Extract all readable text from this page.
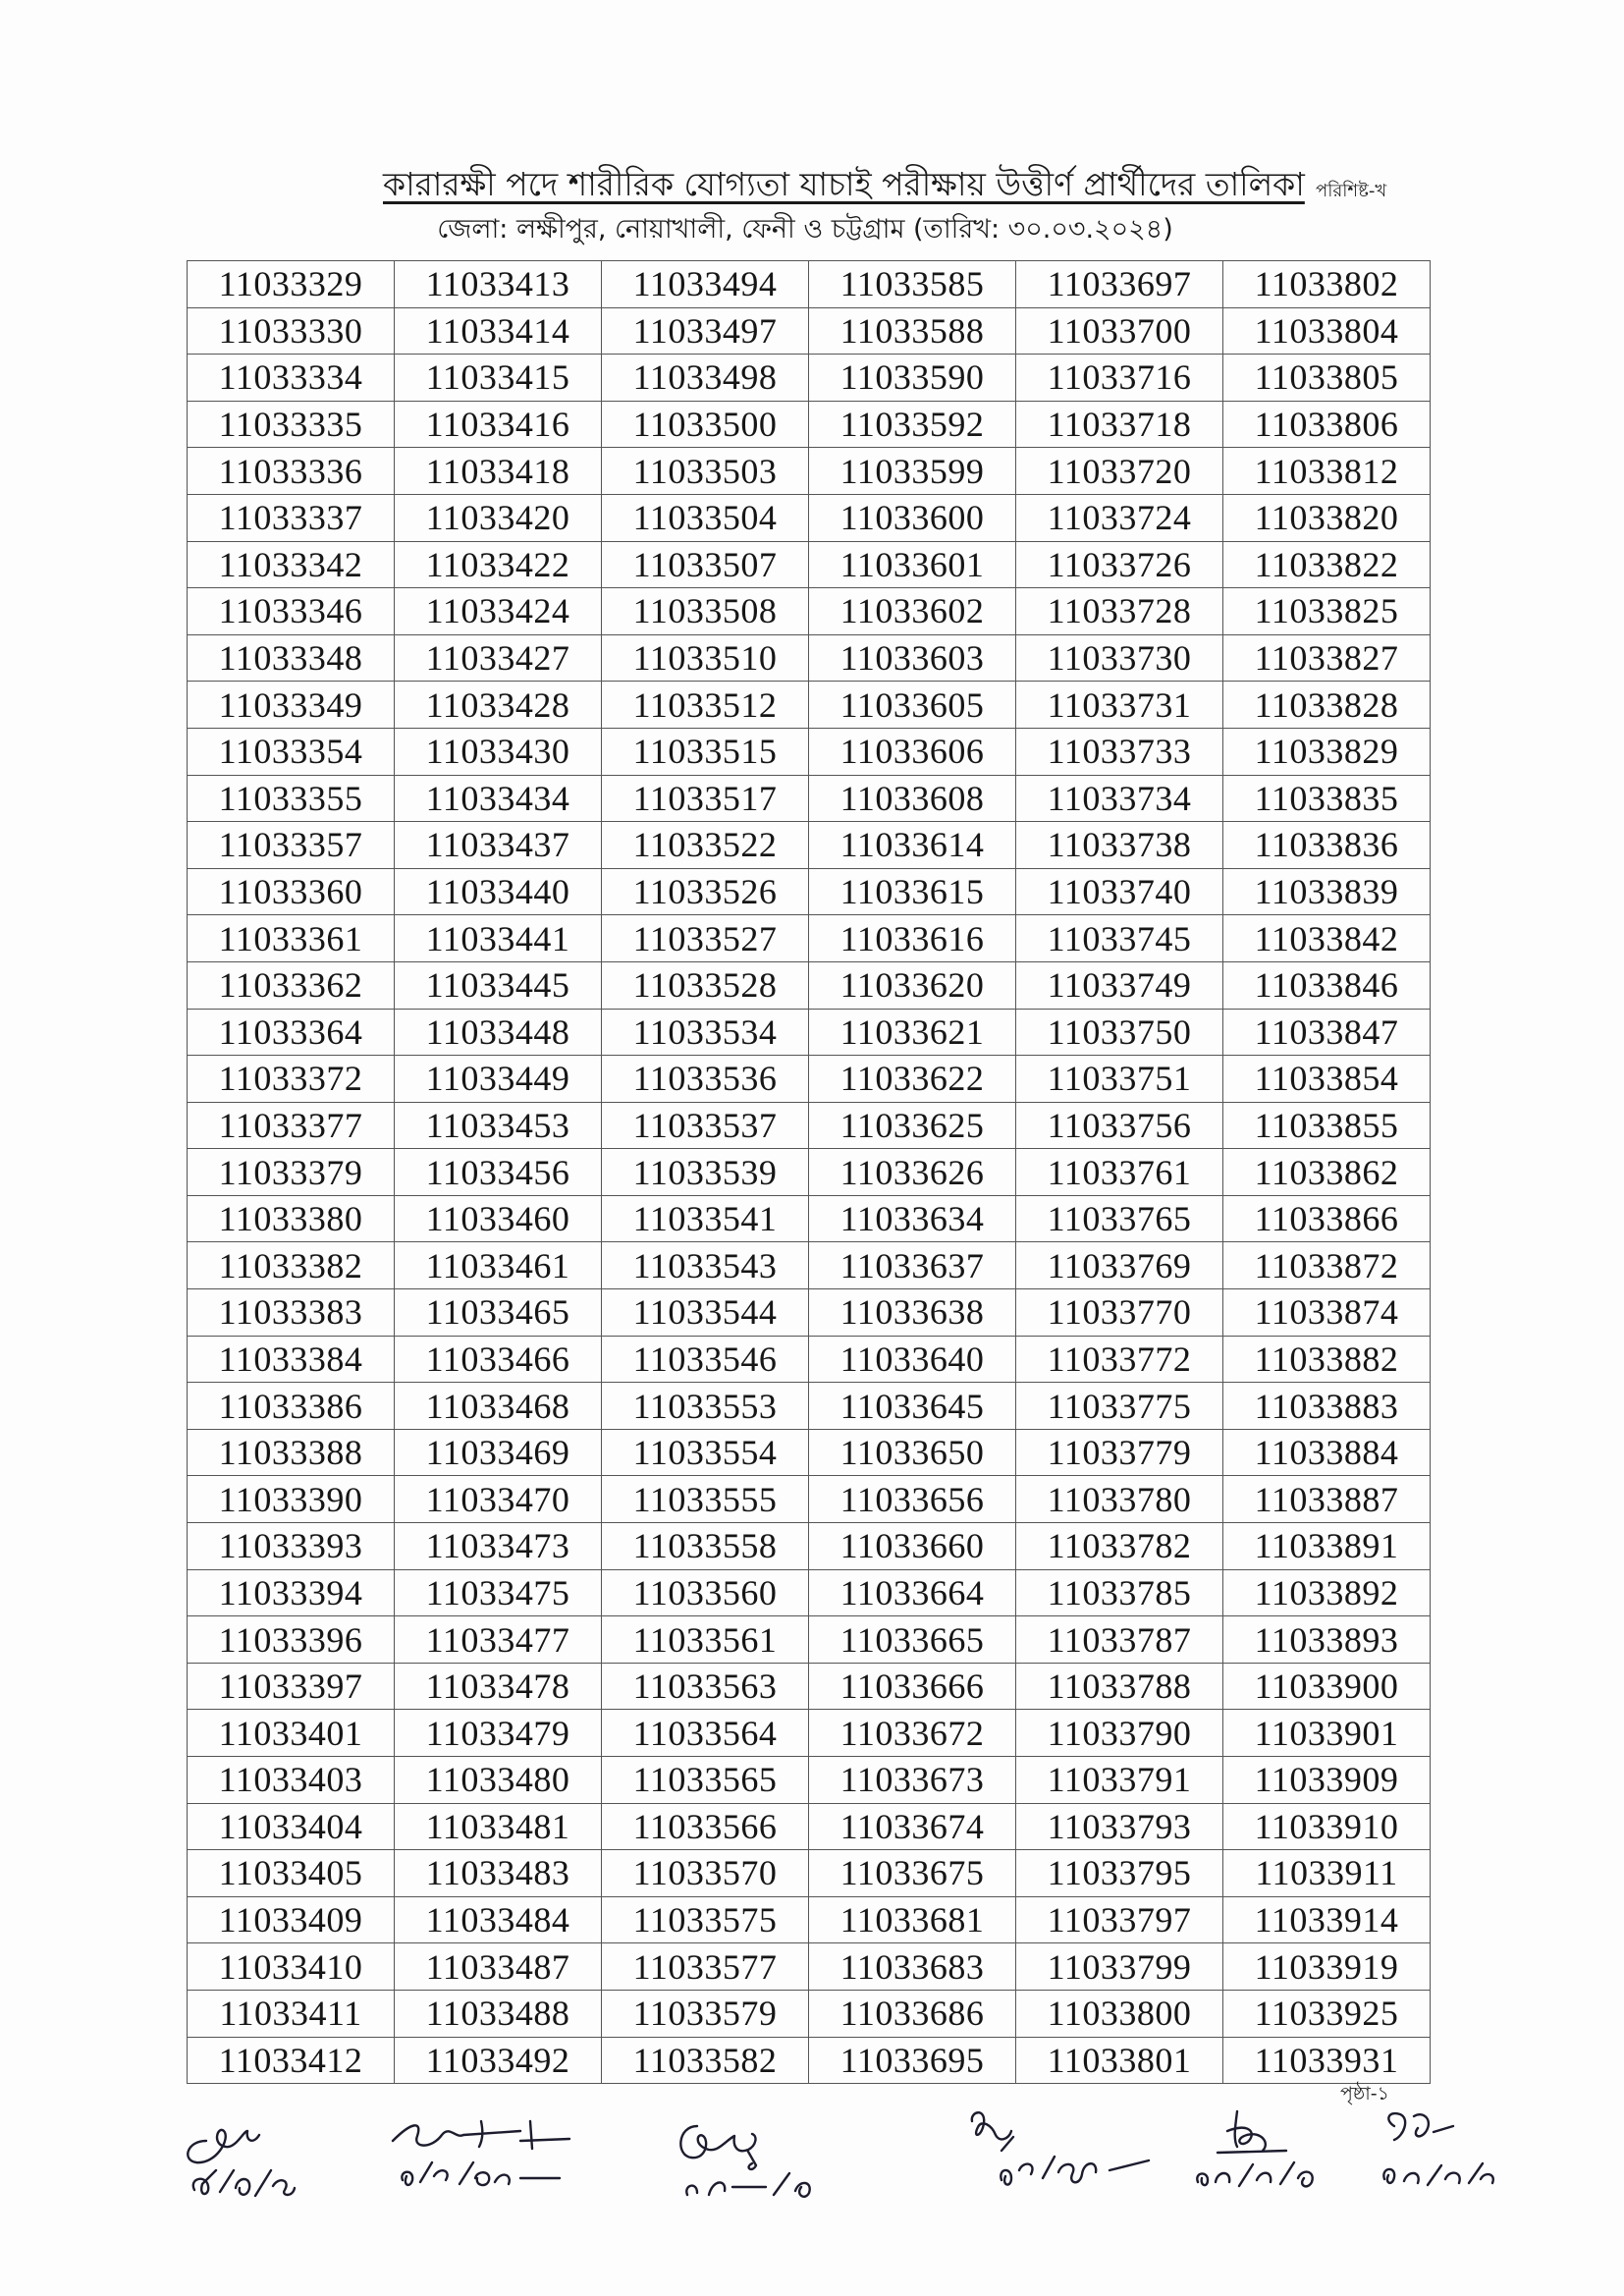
কারারক্ষী পদে শারীরিক যোগ্যতা যাচাই পরীক্ষায় উত্তীর্ণ প্রার্থীদের তালিকা পরিশিষ্ট-খ
জেলা: লক্ষীপুর, নোয়াখালী, ফেনী ও চট্টগ্রাম (তারিখ: ৩০.০৩.২০২৪)
11033329	11033413	11033494	11033585	11033697	11033802
11033330	11033414	11033497	11033588	11033700	11033804
11033334	11033415	11033498	11033590	11033716	11033805
11033335	11033416	11033500	11033592	11033718	11033806
11033336	11033418	11033503	11033599	11033720	11033812
11033337	11033420	11033504	11033600	11033724	11033820
11033342	11033422	11033507	11033601	11033726	11033822
11033346	11033424	11033508	11033602	11033728	11033825
11033348	11033427	11033510	11033603	11033730	11033827
11033349	11033428	11033512	11033605	11033731	11033828
11033354	11033430	11033515	11033606	11033733	11033829
11033355	11033434	11033517	11033608	11033734	11033835
11033357	11033437	11033522	11033614	11033738	11033836
11033360	11033440	11033526	11033615	11033740	11033839
11033361	11033441	11033527	11033616	11033745	11033842
11033362	11033445	11033528	11033620	11033749	11033846
11033364	11033448	11033534	11033621	11033750	11033847
11033372	11033449	11033536	11033622	11033751	11033854
11033377	11033453	11033537	11033625	11033756	11033855
11033379	11033456	11033539	11033626	11033761	11033862
11033380	11033460	11033541	11033634	11033765	11033866
11033382	11033461	11033543	11033637	11033769	11033872
11033383	11033465	11033544	11033638	11033770	11033874
11033384	11033466	11033546	11033640	11033772	11033882
11033386	11033468	11033553	11033645	11033775	11033883
11033388	11033469	11033554	11033650	11033779	11033884
11033390	11033470	11033555	11033656	11033780	11033887
11033393	11033473	11033558	11033660	11033782	11033891
11033394	11033475	11033560	11033664	11033785	11033892
11033396	11033477	11033561	11033665	11033787	11033893
11033397	11033478	11033563	11033666	11033788	11033900
11033401	11033479	11033564	11033672	11033790	11033901
11033403	11033480	11033565	11033673	11033791	11033909
11033404	11033481	11033566	11033674	11033793	11033910
11033405	11033483	11033570	11033675	11033795	11033911
11033409	11033484	11033575	11033681	11033797	11033914
11033410	11033487	11033577	11033683	11033799	11033919
11033411	11033488	11033579	11033686	11033800	11033925
11033412	11033492	11033582	11033695	11033801	11033931
পৃষ্ঠা-১
